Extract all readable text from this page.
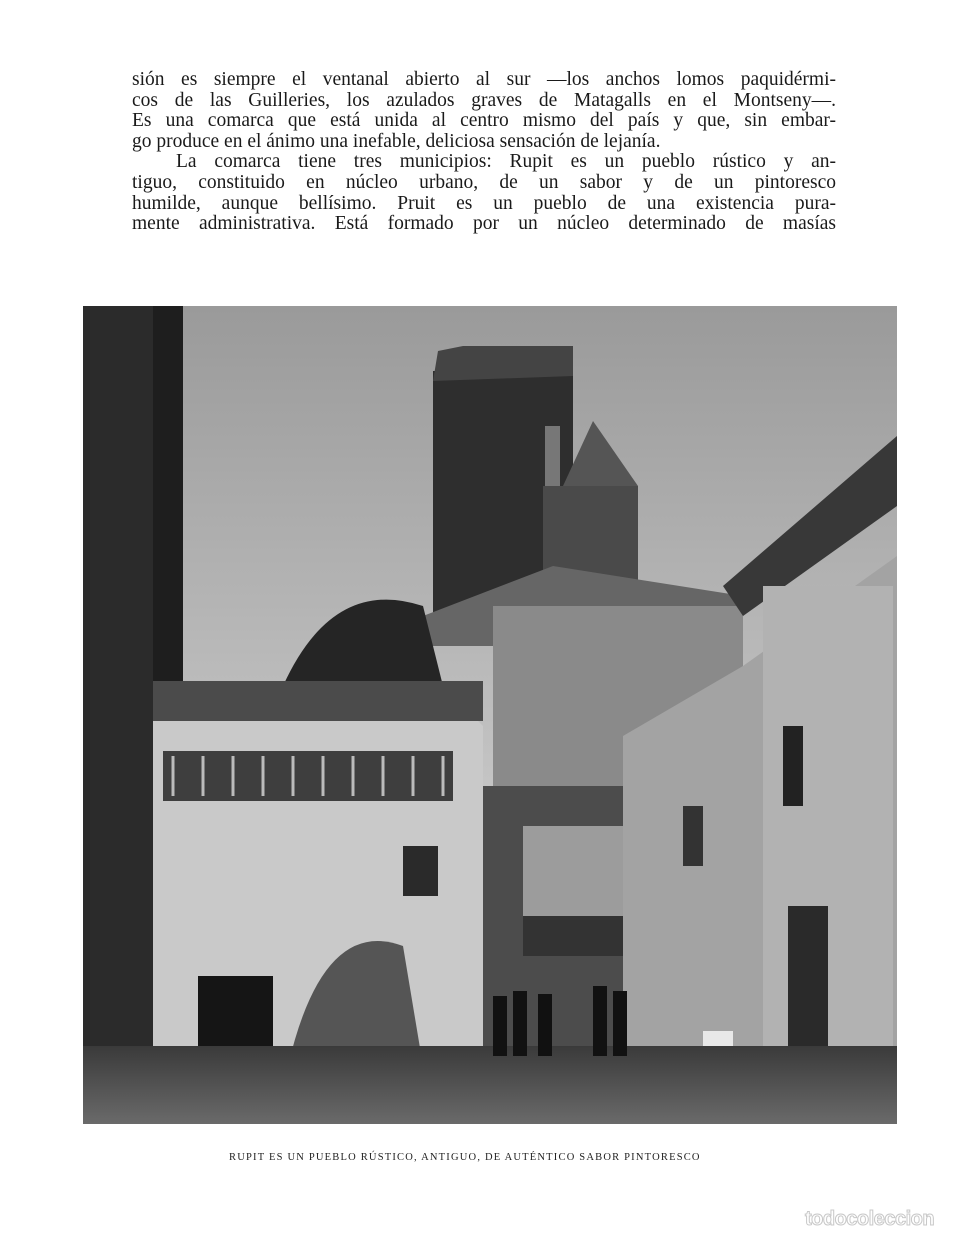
sión es siempre el ventanal abierto al sur —los anchos lomos paquidérmi-
cos de las Guilleries, los azulados graves de Matagalls en el Montseny—.
Es una comarca que está unida al centro mismo del país y que, sin embar-
go produce en el ánimo una inefable, deliciosa sensación de lejanía.
La comarca tiene tres municipios: Rupit es un pueblo rústico y an-
tiguo, constituido en núcleo urbano, de un sabor y de un pintoresco
humilde, aunque bellísimo. Pruit es un pueblo de una existencia pura-
mente administrativa. Está formado por un núcleo determinado de masías
RUPIT ES UN PUEBLO RÚSTICO, ANTIGUO, DE AUTÉNTICO SABOR PINTORESCO
todocoleccion
